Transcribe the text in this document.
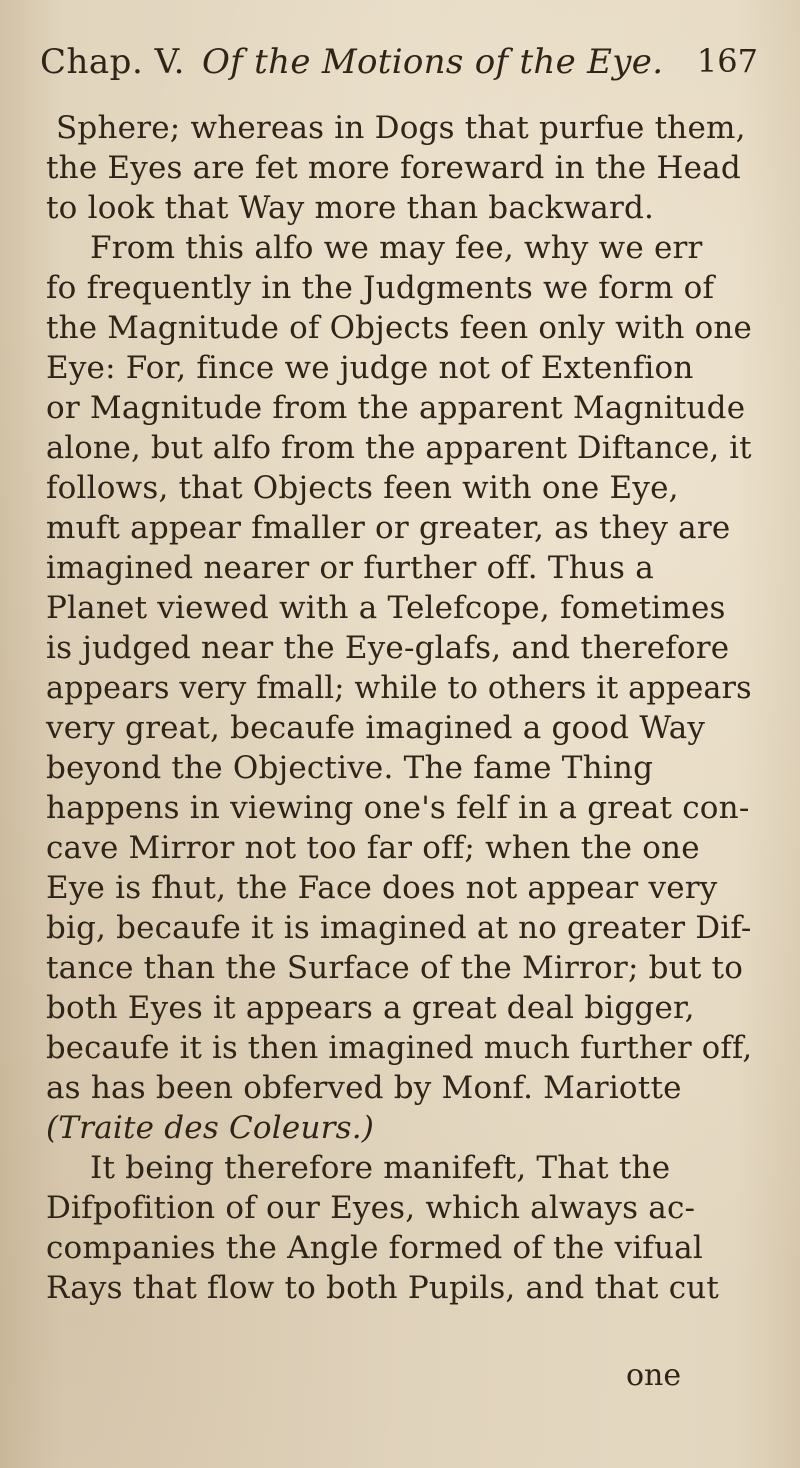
Chap. V. Of the Motions of the Eye. 167
Sphere; whereas in Dogs that purfue them,
the Eyes are fet more foreward in the Head
to look that Way more than backward.
From this alfo we may fee, why we err
fo frequently in the Judgments we form of
the Magnitude of Objects feen only with one
Eye: For, fince we judge not of Extenfion
or Magnitude from the apparent Magnitude
alone, but alfo from the apparent Diftance, it
follows, that Objects feen with one Eye,
muft appear fmaller or greater, as they are
imagined nearer or further off. Thus a
Planet viewed with a Telefcope, fometimes
is judged near the Eye-glafs, and therefore
appears very fmall; while to others it appears
very great, becaufe imagined a good Way
beyond the Objective. The fame Thing
happens in viewing one's felf in a great con-
cave Mirror not too far off; when the one
Eye is fhut, the Face does not appear very
big, becaufe it is imagined at no greater Dif-
tance than the Surface of the Mirror; but to
both Eyes it appears a great deal bigger,
becaufe it is then imagined much further off,
as has been obferved by Monf. Mariotte
(Traite des Coleurs.)
It being therefore manifeft, That the
Difpofition of our Eyes, which always ac-
companies the Angle formed of the vifual
Rays that flow to both Pupils, and that cut
one
